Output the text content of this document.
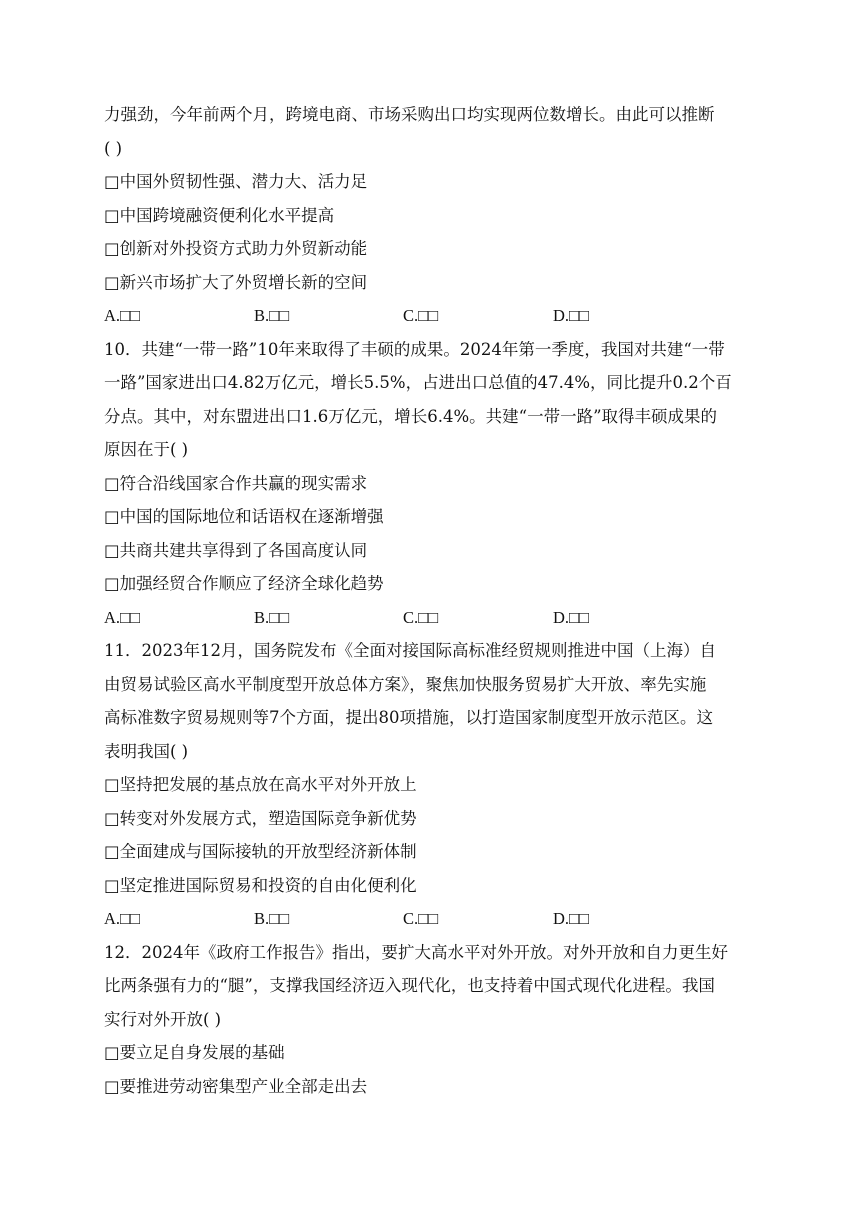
力强劲，今年前两个月，跨境电商、市场采购出口均实现两位数增长。由此可以推断
( )
□中国外贸韧性强、潜力大、活力足
□中国跨境融资便利化水平提高
□创新对外投资方式助力外贸新动能
□新兴市场扩大了外贸增长新的空间
A.□□	B.□□	C.□□	D.□□
10．共建“一带一路”10年来取得了丰硕的成果。2024年第一季度，我国对共建“一带
一路”国家进出口4.82万亿元，增长5.5%，占进出口总值的47.4%，同比提升0.2个百
分点。其中，对东盟进出口1.6万亿元，增长6.4%。共建“一带一路”取得丰硕成果的
原因在于( )
□符合沿线国家合作共赢的现实需求
□中国的国际地位和话语权在逐渐增强
□共商共建共享得到了各国高度认同
□加强经贸合作顺应了经济全球化趋势
A.□□	B.□□	C.□□	D.□□
11．2023年12月，国务院发布《全面对接国际高标准经贸规则推进中国（上海）自
由贸易试验区高水平制度型开放总体方案》，聚焦加快服务贸易扩大开放、率先实施
高标准数字贸易规则等7个方面，提出80项措施，以打造国家制度型开放示范区。这
表明我国( )
□坚持把发展的基点放在高水平对外开放上
□转变对外发展方式，塑造国际竞争新优势
□全面建成与国际接轨的开放型经济新体制
□坚定推进国际贸易和投资的自由化便利化
A.□□	B.□□	C.□□	D.□□
12．2024年《政府工作报告》指出，要扩大高水平对外开放。对外开放和自力更生好
比两条强有力的“腿”，支撑我国经济迈入现代化，也支持着中国式现代化进程。我国
实行对外开放( )
□要立足自身发展的基础
□要推进劳动密集型产业全部走出去
